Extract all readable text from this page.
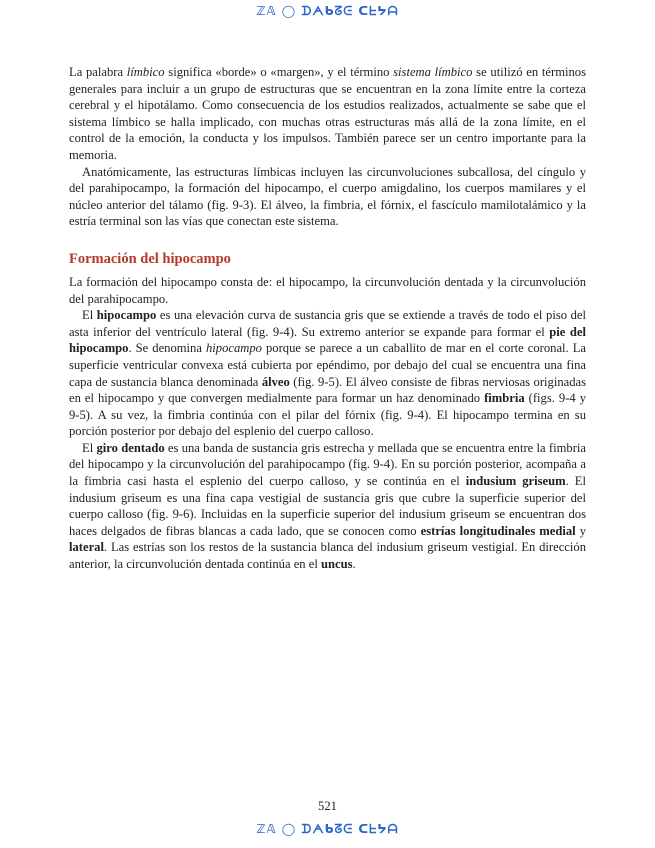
ℤ𝔸 ◯ ᗪᗅᑲᘔᕮ ᑕᖶᔭᗩ

La palabra límbico significa «borde» o «margen», y el término sistema límbico se utilizó en términos generales para incluir a un grupo de estructuras que se encuentran en la zona límite entre la corteza cerebral y el hipotálamo. Como consecuencia de los estudios realizados, actualmente se sabe que el sistema límbico se halla implicado, con muchas otras estructuras más allá de la zona límite, en el control de la emoción, la conducta y los impulsos. También parece ser un centro importante para la memoria.

Anatómicamente, las estructuras límbicas incluyen las circunvoluciones subcallosa, del cíngulo y del parahipocampo, la formación del hipocampo, el cuerpo amigdalino, los cuerpos mamilares y el núcleo anterior del tálamo (fig. 9-3). El álveo, la fimbria, el fórnix, el fascículo mamilotalámico y la estría terminal son las vías que conectan este sistema.

Formación del hipocampo

La formación del hipocampo consta de: el hipocampo, la circunvolución dentada y la circunvolución del parahipocampo.

El hipocampo es una elevación curva de sustancia gris que se extiende a través de todo el piso del asta inferior del ventrículo lateral (fig. 9-4). Su extremo anterior se expande para formar el pie del hipocampo. Se denomina hipocampo porque se parece a un caballito de mar en el corte coronal. La superficie ventricular convexa está cubierta por epéndimo, por debajo del cual se encuentra una fina capa de sustancia blanca denominada álveo (fig. 9-5). El álveo consiste de fibras nerviosas originadas en el hipocampo y que convergen medialmente para formar un haz denominado fimbria (figs. 9-4 y 9-5). A su vez, la fimbria continúa con el pilar del fórnix (fig. 9-4). El hipocampo termina en su porción posterior por debajo del esplenio del cuerpo calloso.

El giro dentado es una banda de sustancia gris estrecha y mellada que se encuentra entre la fimbria del hipocampo y la circunvolución del parahipocampo (fig. 9-4). En su porción posterior, acompaña a la fimbria casi hasta el esplenio del cuerpo calloso, y se continúa en el indusium griseum. El indusium griseum es una fina capa vestigial de sustancia gris que cubre la superficie superior del cuerpo calloso (fig. 9-6). Incluidas en la superficie superior del indusium griseum se encuentran dos haces delgados de fibras blancas a cada lado, que se conocen como estrías longitudinales medial y lateral. Las estrías son los restos de la sustancia blanca del indusium griseum vestigial. En dirección anterior, la circunvolución dentada continúa en el uncus.

521
ℤ𝔸 ◯ ᗪᗅᑲᘔᕮ ᑕᖶᔭᗩ
